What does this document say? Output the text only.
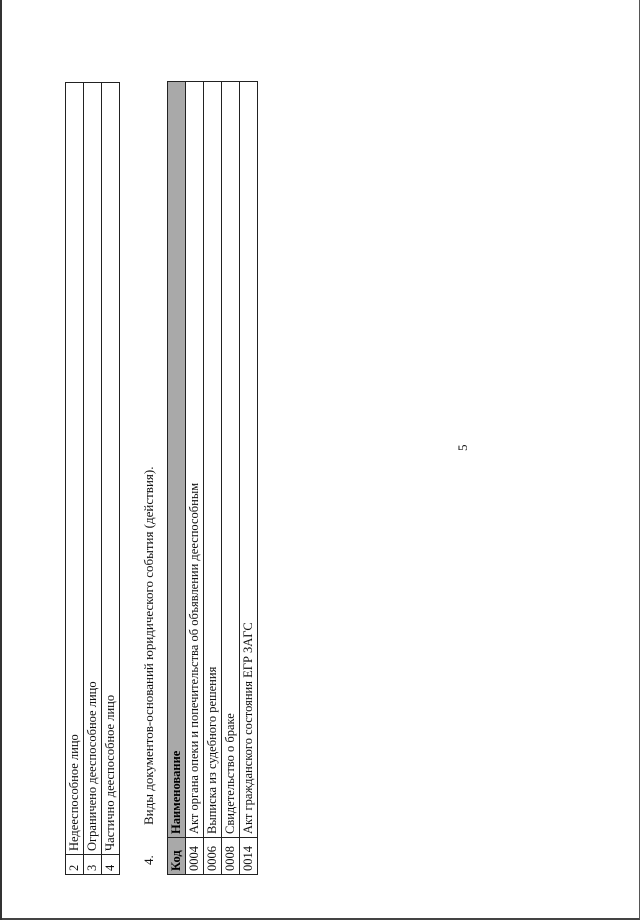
2	Недееспособное лицо
3	Ограничено дееспособное лицо
4	Частично дееспособное лицо
4.Виды документов-оснований юридического события (действия).
Код	Наименование
0004	Акт органа опеки и попечительства об объявлении дееспособным
0006	Выписка из судебного решения
0008	Свидетельство о браке
0014	Акт гражданского состояния ЕГР ЗАГС
5
